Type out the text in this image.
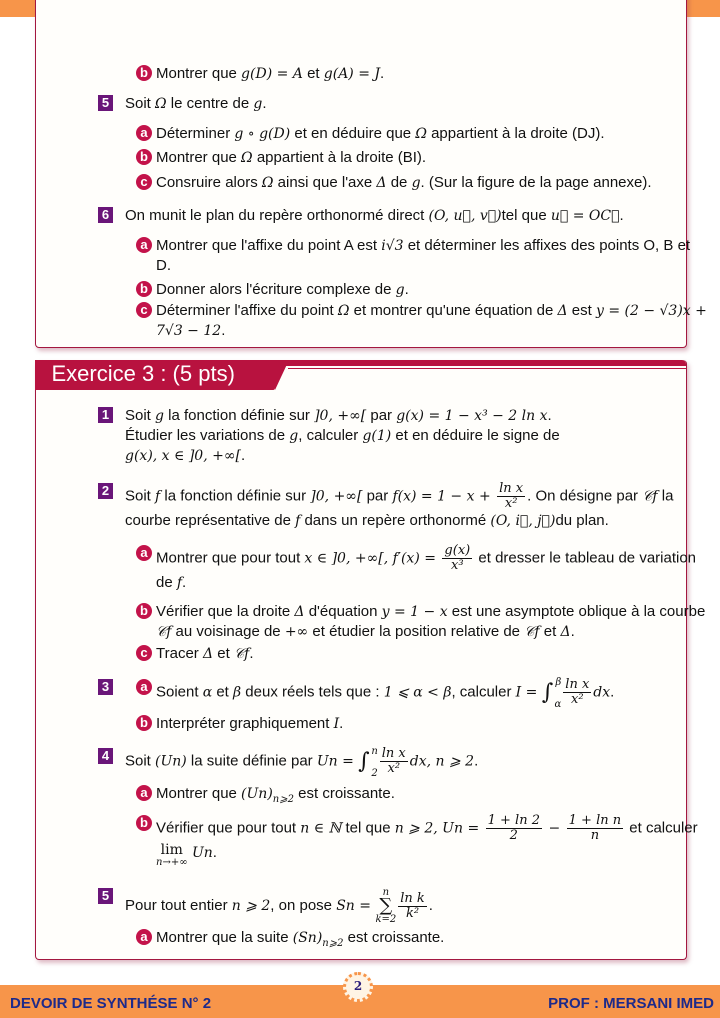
b Montrer que g(D) = A et g(A) = J.
5 Soit Ω le centre de g.
a Déterminer g ∘ g(D) et en déduire que Ω appartient à la droite (DJ).
b Montrer que Ω appartient à la droite (BI).
c Consruire alors Ω ainsi que l'axe Δ de g. (Sur la figure de la page annexe).
6 On munit le plan du repère orthonormé direct (O, u⃗, v⃗)tel que u⃗ = OC⃗.
a Montrer que l'affixe du point A est i√3 et déterminer les affixes des points O, B et D.
b Donner alors l'écriture complexe de g.
c Déterminer l'affixe du point Ω et montrer qu'une équation de Δ est y = (2 − √3)x + 7√3 − 12.
Exercice 3 : (5 pts)
1 Soit g la fonction définie sur ]0, +∞[ par g(x) = 1 − x³ − 2 ln x. Étudier les variations de g, calculer g(1) et en déduire le signe de g(x), x ∈ ]0, +∞[.
2 Soit f la fonction définie sur ]0, +∞[ par $f(x) = 1 - x + \frac{\text{ln x}}{\text{x²}}$ . On désigne par 𝒞f la courbe représentative de f dans un repère orthonormé (O, i⃗, j⃗)du plan.
a Montrer que pour tout x ∈ ]0, +∞[, $f'(x) = \frac{g(x)}{\text{x³}}$ et dresser le tableau de variation de f.
b Vérifier que la droite Δ d'équation y = 1 − x est une asymptote oblique à la courbe 𝒞f au voisinage de +∞ et étudier la position relative de 𝒞f et Δ.
c Tracer Δ et 𝒞f.
3	a Soient α et β deux réels tels que : 1 ⩽ α < β, calculer I = ∫ β
α $\frac{\text{ln x}}{\text{x²}}$ dx.
b Interpréter graphiquement I.
4 Soit (Un) la suite définie par Un = ∫ n
$2 \frac{\text{ln x}}{\text{x²}}$ dx, n ⩾ 2.
a Montrer que $(Un)_{n⩾2}$ est croissante.
b Vérifier que pour tout n ∈ ℕ tel que n ⩾ 2, $Un = \frac{1 + \ln 2}{2} - \frac{\text{1 + ln n}}{n}$ et calculer
lim
n→+∞
Un.
5
Pour tout entier n ⩾ 2, on pose Sn =
n
∑
$k=2 \frac{\text{ln k}}{\text{k²}}$ .
a Montrer que la suite $(Sn)_{n⩾2}$ est croissante.
DEVOIR DE SYNTHÉSE N° 2	PROF : MERSANI IMED
2
